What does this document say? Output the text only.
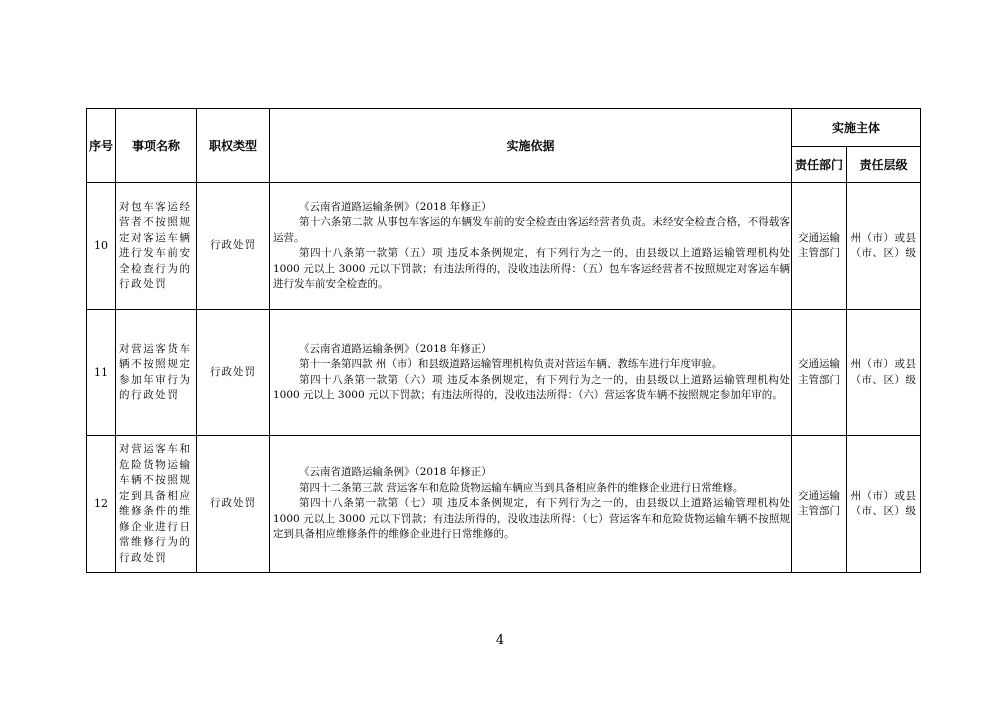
序号	事项名称	职权类型	实施依据	实施主体	
				责任部门	责任层级
10	对包车客运经营者不按照规定对客运车辆进行发车前安全检查行为的行政处罚	行政处罚	《云南省道路运输条例》（2018 年修正）

第十六条第二款 从事包车客运的车辆发车前的安全检查由客运经营者负责。未经安全检查合格，不得载客运营。

第四十八条第一款第（五）项 违反本条例规定，有下列行为之一的，由县级以上道路运输管理机构处 1000 元以上 3000 元以下罚款；有违法所得的，没收违法所得：（五）包车客运经营者不按照规定对客运车辆进行发车前安全检查的。	交通运输主管部门	州（市）或县（市、区）级
11	对营运客货车辆不按照规定参加年审行为的行政处罚	行政处罚	《云南省道路运输条例》（2018 年修正）

第十一条第四款 州（市）和县级道路运输管理机构负责对营运车辆、教练车进行年度审验。

第四十八条第一款第（六）项 违反本条例规定，有下列行为之一的，由县级以上道路运输管理机构处 1000 元以上 3000 元以下罚款；有违法所得的，没收违法所得：（六）营运客货车辆不按照规定参加年审的。	交通运输主管部门	州（市）或县（市、区）级
12	对营运客车和危险货物运输车辆不按照规定到具备相应维修条件的维修企业进行日常维修行为的行政处罚	行政处罚	《云南省道路运输条例》（2018 年修正）

第四十二条第三款 营运客车和危险货物运输车辆应当到具备相应条件的维修企业进行日常维修。

第四十八条第一款第（七）项 违反本条例规定，有下列行为之一的，由县级以上道路运输管理机构处 1000 元以上 3000 元以下罚款；有违法所得的，没收违法所得：（七）营运客车和危险货物运输车辆不按照规定到具备相应维修条件的维修企业进行日常维修的。	交通运输主管部门	州（市）或县（市、区）级
4
